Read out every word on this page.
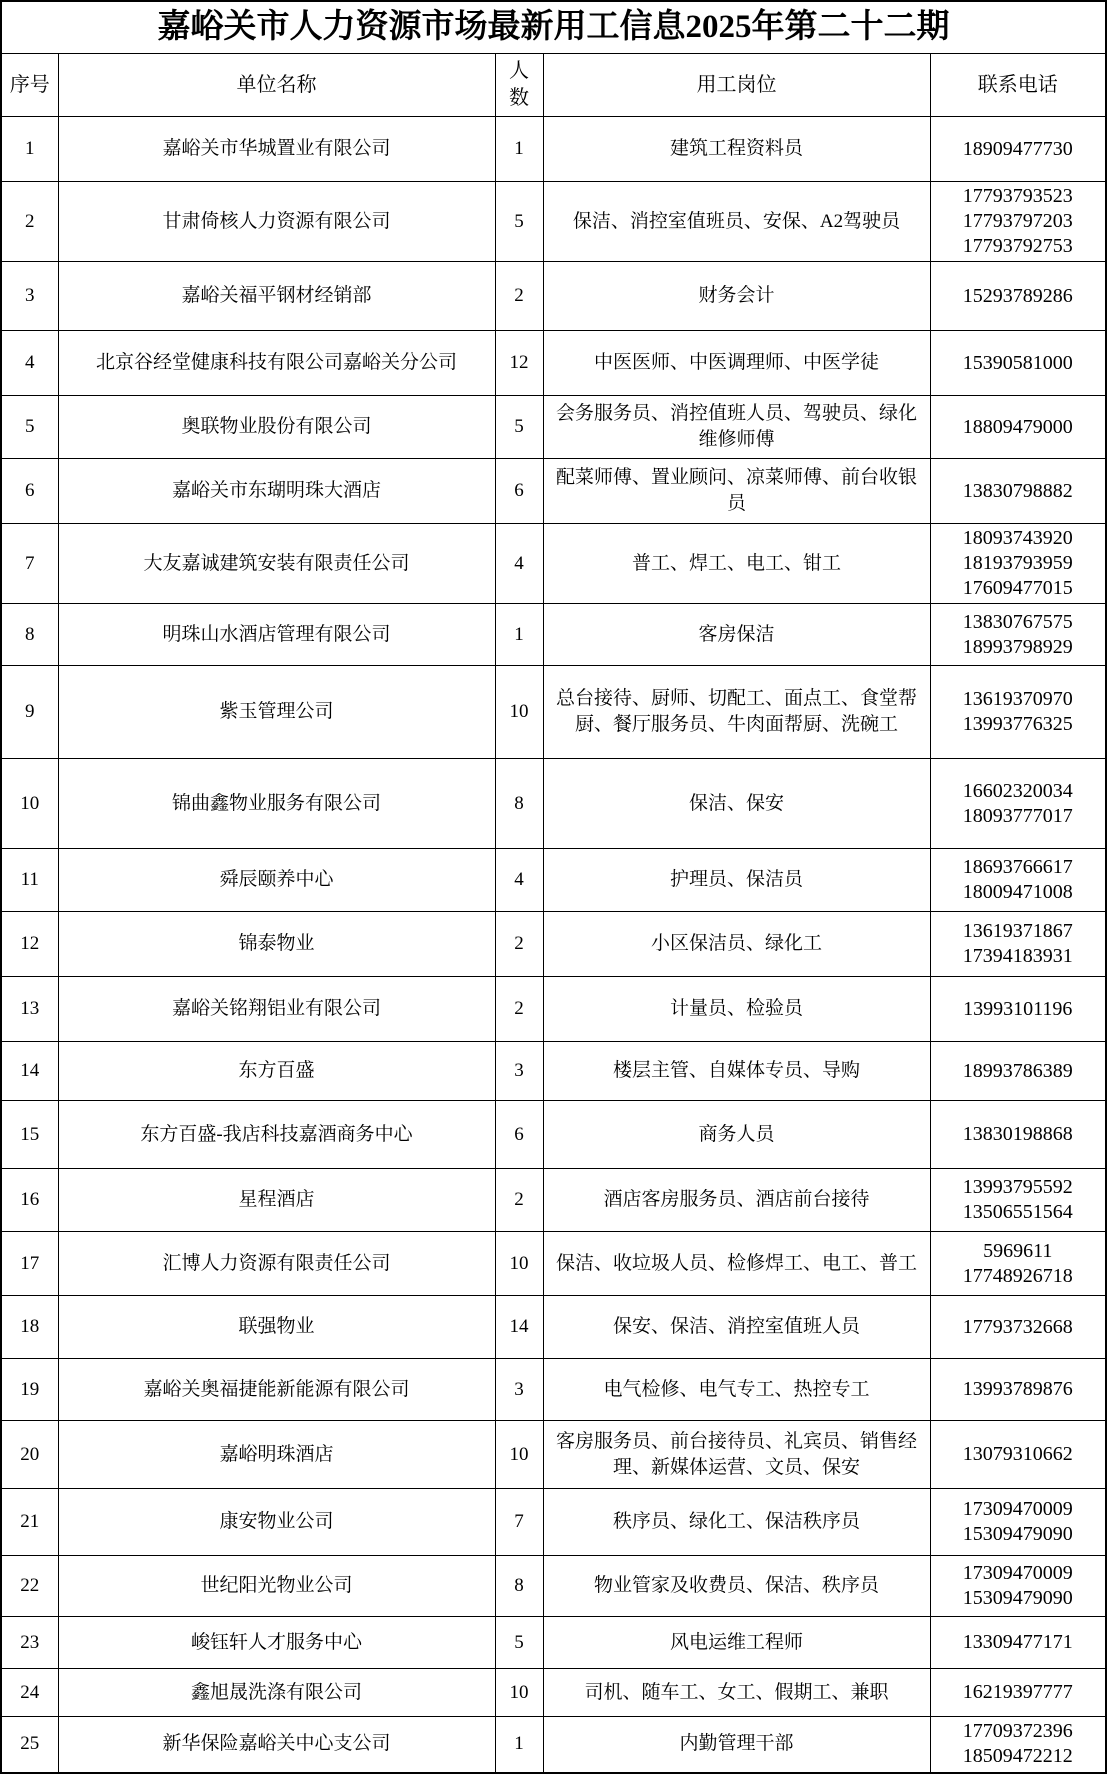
嘉峪关市人力资源市场最新用工信息2025年第二十二期				
序号	单位名称	人数	用工岗位	联系电话
1	嘉峪关市华城置业有限公司	1	建筑工程资料员	18909477730

2	甘肃倚核人力资源有限公司	5	保洁、消控室值班员、安保、A2驾驶员	17793793523
17793797203
17793792753

3	嘉峪关福平钢材经销部	2	财务会计	15293789286

4	北京谷经堂健康科技有限公司嘉峪关分公司	12	中医医师、中医调理师、中医学徒	15390581000

5	奥联物业股份有限公司	5	会务服务员、消控值班人员、驾驶员、绿化维修师傅	18809479000

6	嘉峪关市东瑚明珠大酒店	6	配菜师傅、置业顾问、凉菜师傅、前台收银员	13830798882

7	大友嘉诚建筑安装有限责任公司	4	普工、焊工、电工、钳工	18093743920
18193793959
17609477015

8	明珠山水酒店管理有限公司	1	客房保洁	13830767575
18993798929

9	紫玉管理公司	10	总台接待、厨师、切配工、面点工、食堂帮厨、餐厅服务员、牛肉面帮厨、洗碗工	13619370970
13993776325

10	锦曲鑫物业服务有限公司	8	保洁、保安	16602320034
18093777017

11	舜辰颐养中心	4	护理员、保洁员	18693766617
18009471008

12	锦泰物业	2	小区保洁员、绿化工	13619371867
17394183931

13	嘉峪关铭翔铝业有限公司	2	计量员、检验员	13993101196

14	东方百盛	3	楼层主管、自媒体专员、导购	18993786389

15	东方百盛-我店科技嘉酒商务中心	6	商务人员	13830198868

16	星程酒店	2	酒店客房服务员、酒店前台接待	13993795592
13506551564

17	汇博人力资源有限责任公司	10	保洁、收垃圾人员、检修焊工、电工、普工	5969611
17748926718

18	联强物业	14	保安、保洁、消控室值班人员	17793732668

19	嘉峪关奥福捷能新能源有限公司	3	电气检修、电气专工、热控专工	13993789876

20	嘉峪明珠酒店	10	客房服务员、前台接待员、礼宾员、销售经理、新媒体运营、文员、保安	13079310662

21	康安物业公司	7	秩序员、绿化工、保洁秩序员	17309470009
15309479090

22	世纪阳光物业公司	8	物业管家及收费员、保洁、秩序员	17309470009
15309479090

23	峻钰轩人才服务中心	5	风电运维工程师	13309477171

24	鑫旭晟洗涤有限公司	10	司机、随车工、女工、假期工、兼职	16219397777

25	新华保险嘉峪关中心支公司	1	内勤管理干部	17709372396
18509472212
